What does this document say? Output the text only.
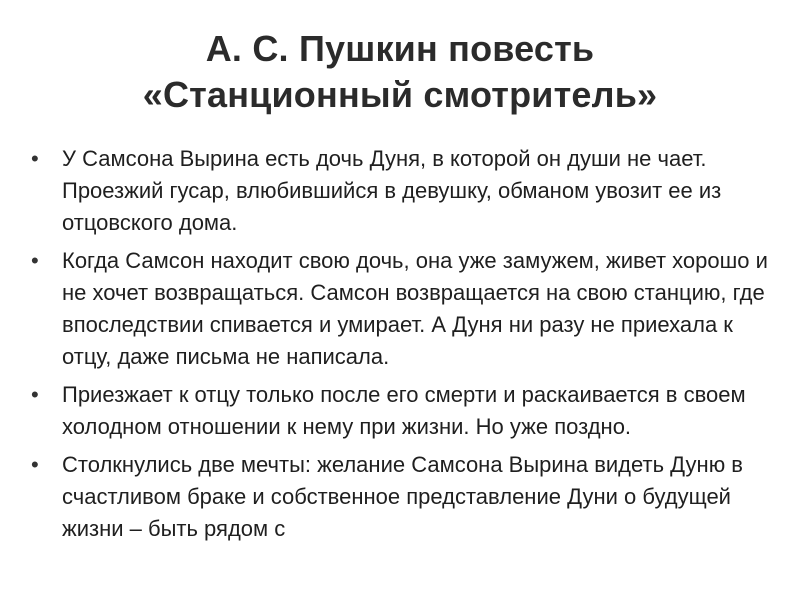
А. С. Пушкин повесть
«Станционный смотритель»
• У Самсона Вырина есть дочь Дуня, в которой он души не чает. Проезжий гусар, влюбившийся в девушку, обманом увозит ее из отцовского дома.
• Когда Самсон находит свою дочь, она уже замужем, живет хорошо и не хочет возвращаться. Самсон возвращается на свою станцию, где впоследствии спивается и умирает. А Дуня ни разу не приехала к отцу, даже письма не написала.
• Приезжает к отцу только после его смерти и раскаивается в своем холодном отношении к нему при жизни. Но уже поздно.
• Столкнулись две мечты: желание Самсона Вырина видеть Дуню в счастливом браке и собственное представление Дуни о будущей жизни – быть рядом с
